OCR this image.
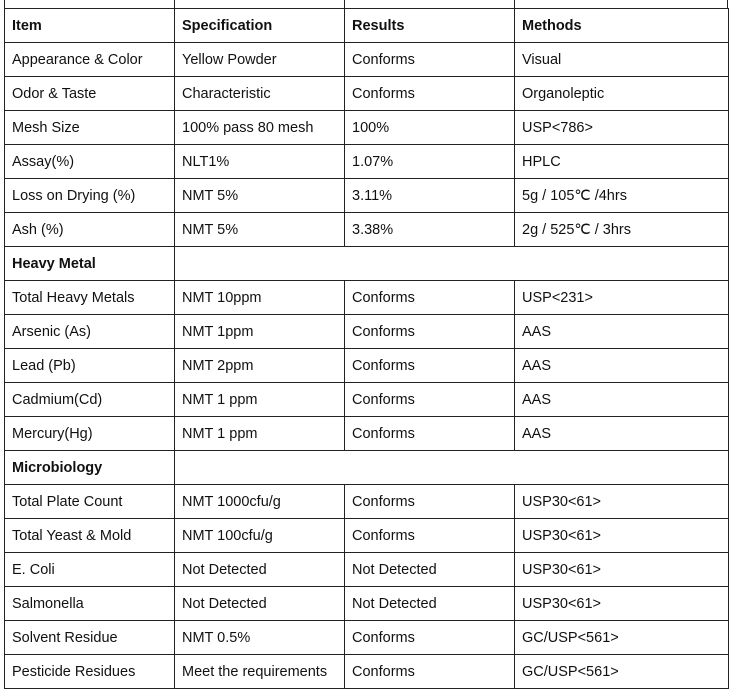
Item	Specification	Results	Methods
Appearance & Color	Yellow Powder	Conforms	Visual
Odor & Taste	Characteristic	Conforms	Organoleptic
Mesh Size	100% pass 80 mesh	100%	USP<786>
Assay(%)	NLT1%	1.07%	HPLC
Loss on Drying (%)	NMT 5%	3.11%	5g / 105℃ /4hrs
Ash (%)	NMT 5%	3.38%	2g / 525℃ / 3hrs
Heavy Metal			
Total Heavy Metals	NMT 10ppm	Conforms	USP<231>
Arsenic (As)	NMT 1ppm	Conforms	AAS
Lead (Pb)	NMT 2ppm	Conforms	AAS
Cadmium(Cd)	NMT 1 ppm	Conforms	AAS
Mercury(Hg)	NMT 1 ppm	Conforms	AAS
Microbiology			
Total Plate Count	NMT 1000cfu/g	Conforms	USP30<61>
Total Yeast & Mold	NMT 100cfu/g	Conforms	USP30<61>
E. Coli	Not Detected	Not Detected	USP30<61>
Salmonella	Not Detected	Not Detected	USP30<61>
Solvent Residue	NMT 0.5%	Conforms	GC/USP<561>
Pesticide Residues	Meet the requirements	Conforms	GC/USP<561>
